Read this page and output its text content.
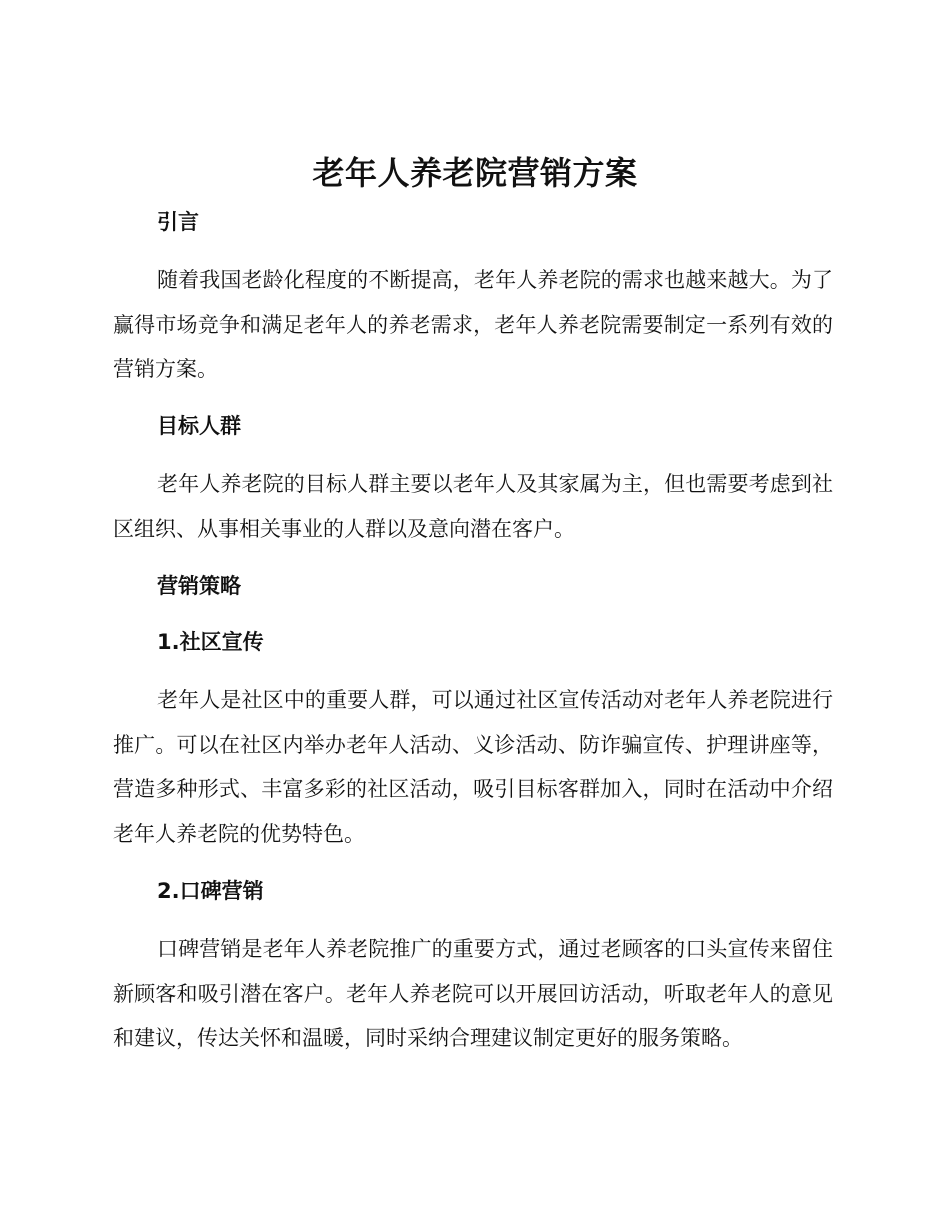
老年人养老院营销方案
引言

随着我国老龄化程度的不断提高，老年人养老院的需求也越来越大。为了赢得市场竞争和满足老年人的养老需求，老年人养老院需要制定一系列有效的营销方案。

目标人群

老年人养老院的目标人群主要以老年人及其家属为主，但也需要考虑到社区组织、从事相关事业的人群以及意向潜在客户。

营销策略
1.社区宣传

老年人是社区中的重要人群，可以通过社区宣传活动对老年人养老院进行推广。可以在社区内举办老年人活动、义诊活动、防诈骗宣传、护理讲座等，营造多种形式、丰富多彩的社区活动，吸引目标客群加入，同时在活动中介绍老年人养老院的优势特色。

2.口碑营销

口碑营销是老年人养老院推广的重要方式，通过老顾客的口头宣传来留住新顾客和吸引潜在客户。老年人养老院可以开展回访活动，听取老年人的意见和建议，传达关怀和温暖，同时采纳合理建议制定更好的服务策略。
